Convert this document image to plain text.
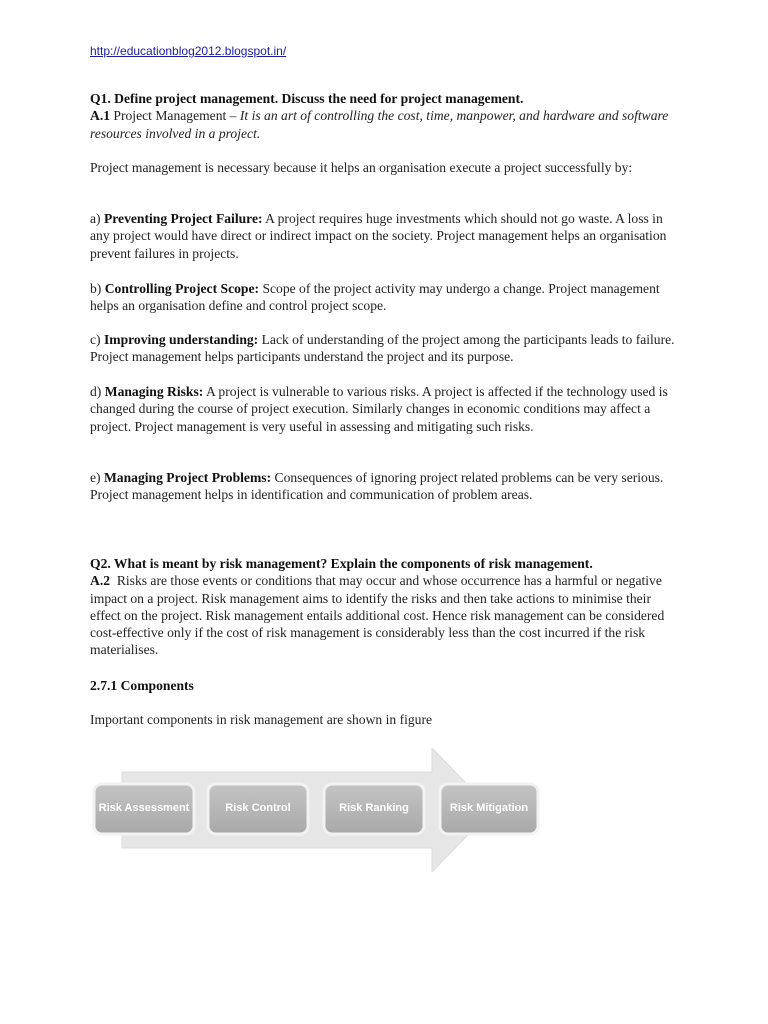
http://educationblog2012.blogspot.in/
Q1. Define project management. Discuss the need for project management.
A.1 Project Management – It is an art of controlling the cost, time, manpower, and hardware and software resources involved in a project.
Project management is necessary because it helps an organisation execute a project successfully by:
a) Preventing Project Failure: A project requires huge investments which should not go waste. A loss in any project would have direct or indirect impact on the society. Project management helps an organisation prevent failures in projects.
b) Controlling Project Scope: Scope of the project activity may undergo a change. Project management helps an organisation define and control project scope.
c) Improving understanding: Lack of understanding of the project among the participants leads to failure. Project management helps participants understand the project and its purpose.
d) Managing Risks: A project is vulnerable to various risks. A project is affected if the technology used is changed during the course of project execution. Similarly changes in economic conditions may affect a project. Project management is very useful in assessing and mitigating such risks.
e) Managing Project Problems: Consequences of ignoring project related problems can be very serious. Project management helps in identification and communication of problem areas.
Q2. What is meant by risk management? Explain the components of risk management.
A.2 Risks are those events or conditions that may occur and whose occurrence has a harmful or negative impact on a project. Risk management aims to identify the risks and then take actions to minimise their effect on the project. Risk management entails additional cost. Hence risk management can be considered cost-effective only if the cost of risk management is considerably less than the cost incurred if the risk materialises.
2.7.1 Components
Important components in risk management are shown in figure
Risk Assessment	Risk Control	Risk Ranking	Risk Mitigation
